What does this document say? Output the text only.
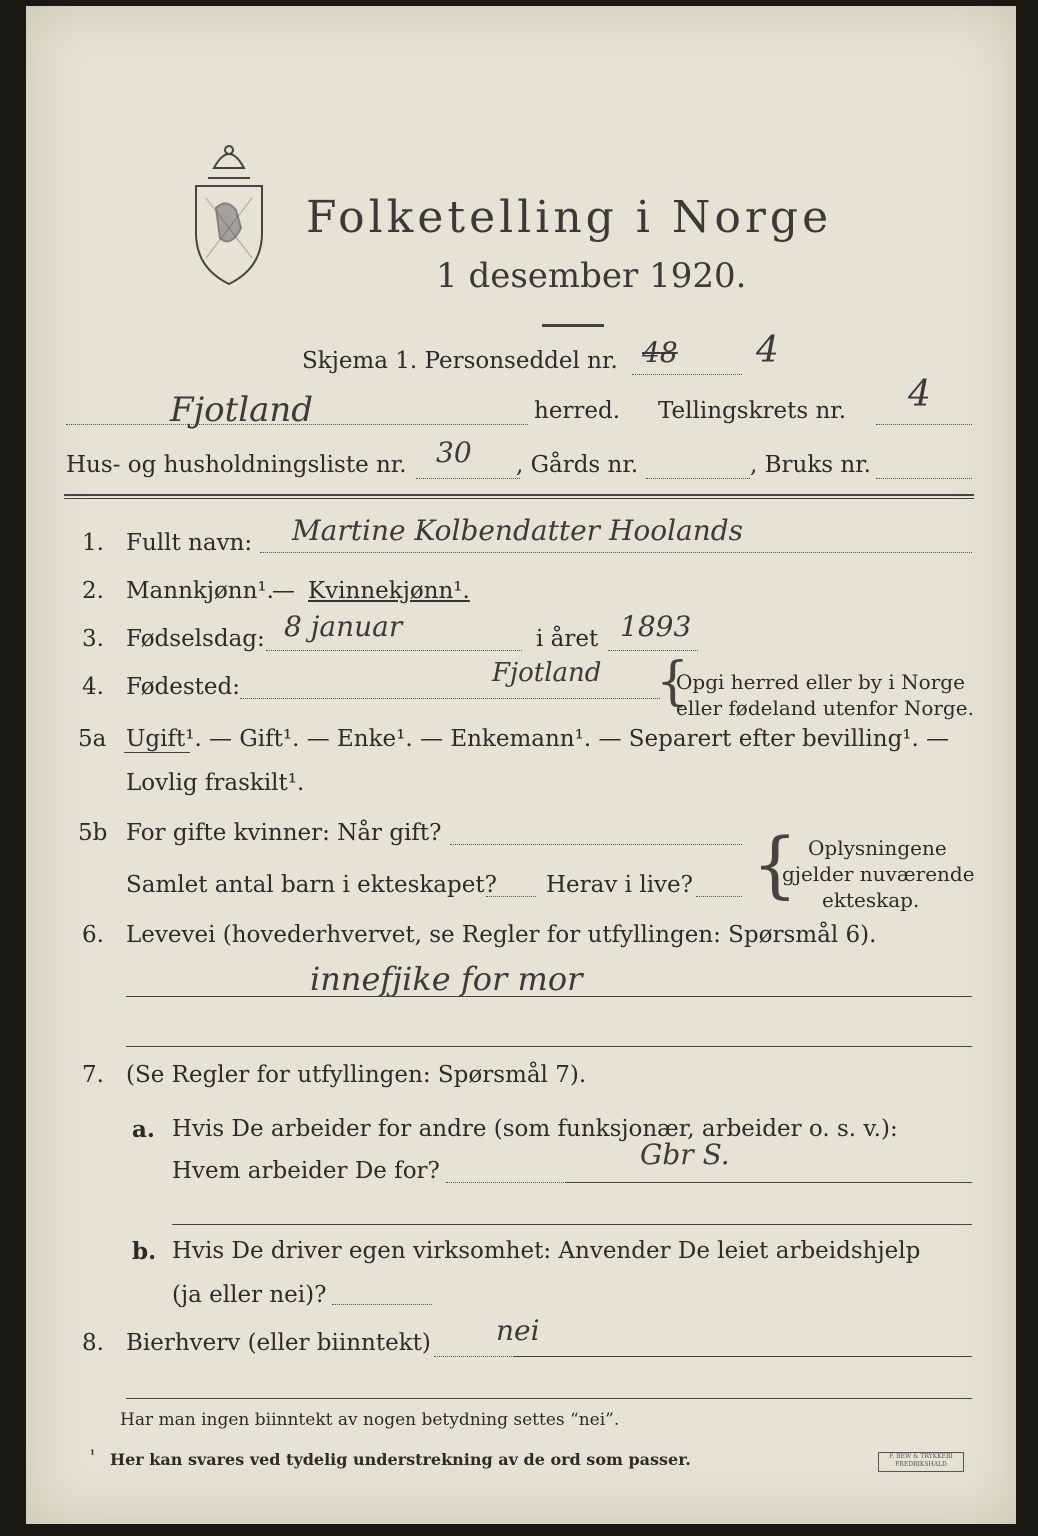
Folketelling i Norge
1 desember 1920.
Skjema 1. Personseddel nr. 48 4
Fjotland	herred. Tellingskrets nr. 4
Hus- og husholdningsliste nr. 30 , Gårds nr.	, Bruks nr.
1. Fullt navn: Martine Kolbendatter Hoolands
2. Mannkjønn¹.
— Kvinnekjønn¹.
3. Fødselsdag: 8 januar	i året 1893
4. Fødested:	Fjotland {
Opgi herred eller by i Norge
eller fødeland utenfor Norge.
5a Ugift¹. — Gift¹. — Enke¹. — Enkemann¹. — Separert efter bevilling¹. —
Lovlig fraskilt¹.
5b For gifte kvinner: Når gift?
Samlet antal barn i ekteskapet? Herav i live? { Oplysningene
gjelder nuværende
ekteskap.
6. Levevei (hovederhvervet, se Regler for utfyllingen: Spørsmål 6).
innefjike for mor
7. (Se Regler for utfyllingen: Spørsmål 7).
a. Hvis De arbeider for andre (som funksjonær, arbeider o. s. v.):
Hvem arbeider De for?	Gbr S.
b. Hvis De driver egen virksomhet: Anvender De leiet arbeidshjelp
(ja eller nei)?
8. Bierhverv (eller biinntekt) nei
Har man ingen biinntekt av nogen betydning settes “nei”.
¹ Her kan svares ved tydelig understrekning av de ord som passer.	F. BEW & TRYKKERI FREDRIKSHALD
